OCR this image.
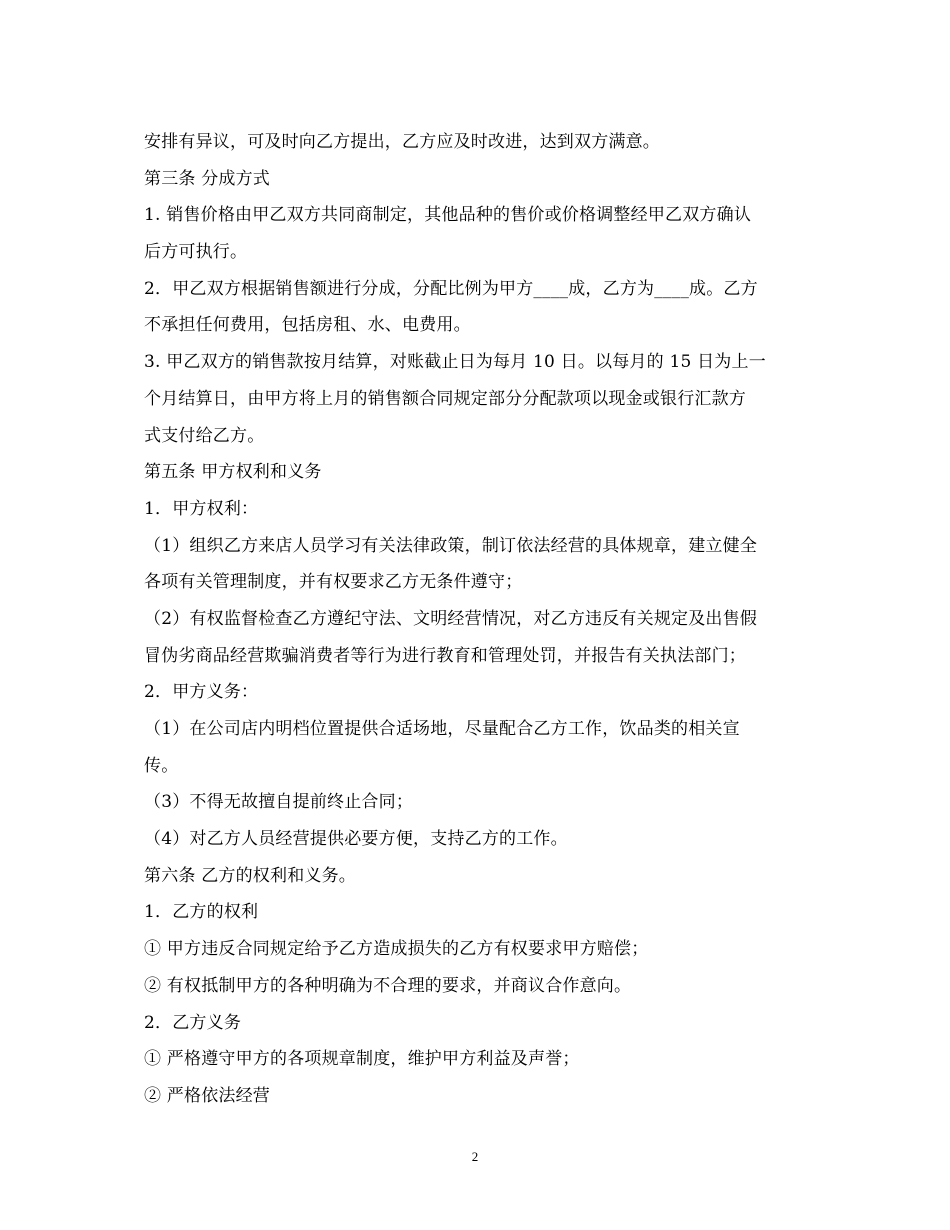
安排有异议，可及时向乙方提出，乙方应及时改进，达到双方满意。
第三条 分成方式
1. 销售价格由甲乙双方共同商制定，其他品种的售价或价格调整经甲乙双方确认
后方可执行。
2．甲乙双方根据销售额进行分成，分配比例为甲方____成，乙方为____成。乙方
不承担任何费用，包括房租、水、电费用。
3. 甲乙双方的销售款按月结算，对账截止日为每月 10 日。以每月的 15 日为上一
个月结算日，由甲方将上月的销售额合同规定部分分配款项以现金或银行汇款方
式支付给乙方。
第五条 甲方权利和义务
1．甲方权利：
（1）组织乙方来店人员学习有关法律政策，制订依法经营的具体规章，建立健全
各项有关管理制度，并有权要求乙方无条件遵守；
（2）有权监督检查乙方遵纪守法、文明经营情况，对乙方违反有关规定及出售假
冒伪劣商品经营欺骗消费者等行为进行教育和管理处罚，并报告有关执法部门；
2．甲方义务：
（1）在公司店内明档位置提供合适场地，尽量配合乙方工作，饮品类的相关宣
传。
（3）不得无故擅自提前终止合同；
（4）对乙方人员经营提供必要方便，支持乙方的工作。
第六条 乙方的权利和义务。
1．乙方的权利
① 甲方违反合同规定给予乙方造成损失的乙方有权要求甲方赔偿；
② 有权抵制甲方的各种明确为不合理的要求，并商议合作意向。
2．乙方义务
① 严格遵守甲方的各项规章制度，维护甲方利益及声誉；
② 严格依法经营
2
